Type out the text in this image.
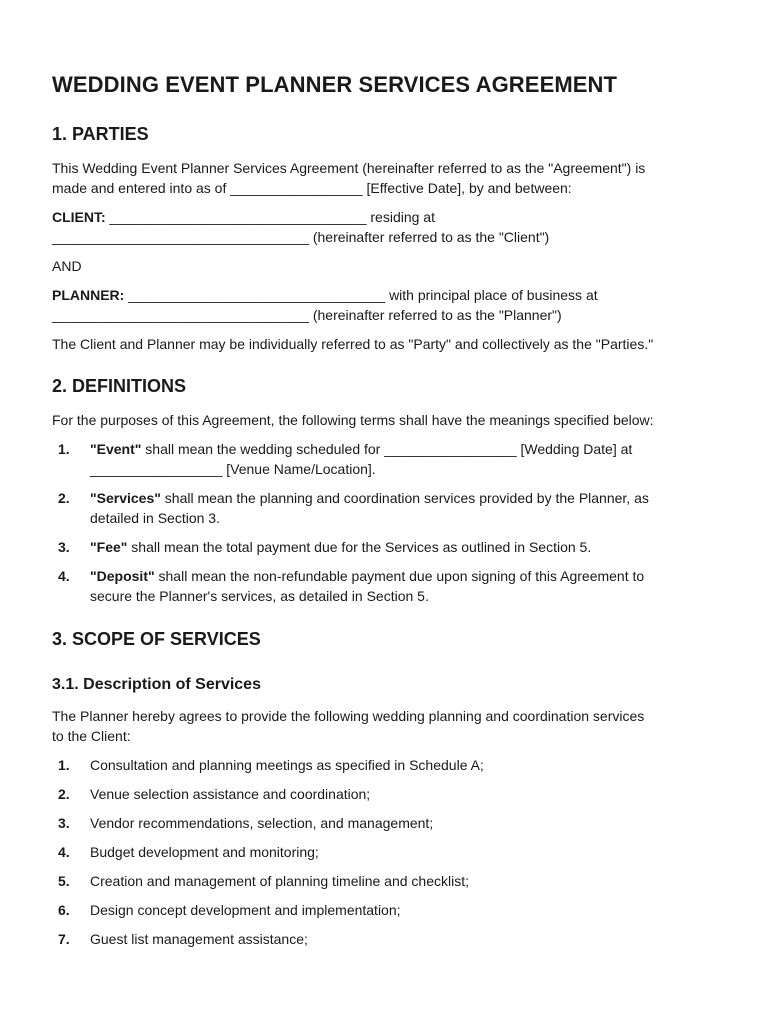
WEDDING EVENT PLANNER SERVICES AGREEMENT
1. PARTIES

This Wedding Event Planner Services Agreement (hereinafter referred to as the "Agreement") is

made and entered into as of _________________ [Effective Date], by and between:

CLIENT: _________________________________ residing at

_________________________________ (hereinafter referred to as the "Client")

AND

PLANNER: _________________________________ with principal place of business at

_________________________________ (hereinafter referred to as the "Planner")

The Client and Planner may be individually referred to as "Party" and collectively as the "Parties."

2. DEFINITIONS

For the purposes of this Agreement, the following terms shall have the meanings specified below:

1. "Event" shall mean the wedding scheduled for _________________ [Wedding Date] at
_________________ [Venue Name/Location].
2. "Services" shall mean the planning and coordination services provided by the Planner, as
detailed in Section 3.
3. "Fee" shall mean the total payment due for the Services as outlined in Section 5.
4. "Deposit" shall mean the non-refundable payment due upon signing of this Agreement to
secure the Planner's services, as detailed in Section 5.
3. SCOPE OF SERVICES
3.1. Description of Services

The Planner hereby agrees to provide the following wedding planning and coordination services

to the Client:

1. Consultation and planning meetings as specified in Schedule A;
2. Venue selection assistance and coordination;
3. Vendor recommendations, selection, and management;
4. Budget development and monitoring;
5. Creation and management of planning timeline and checklist;
6. Design concept development and implementation;
7. Guest list management assistance;
